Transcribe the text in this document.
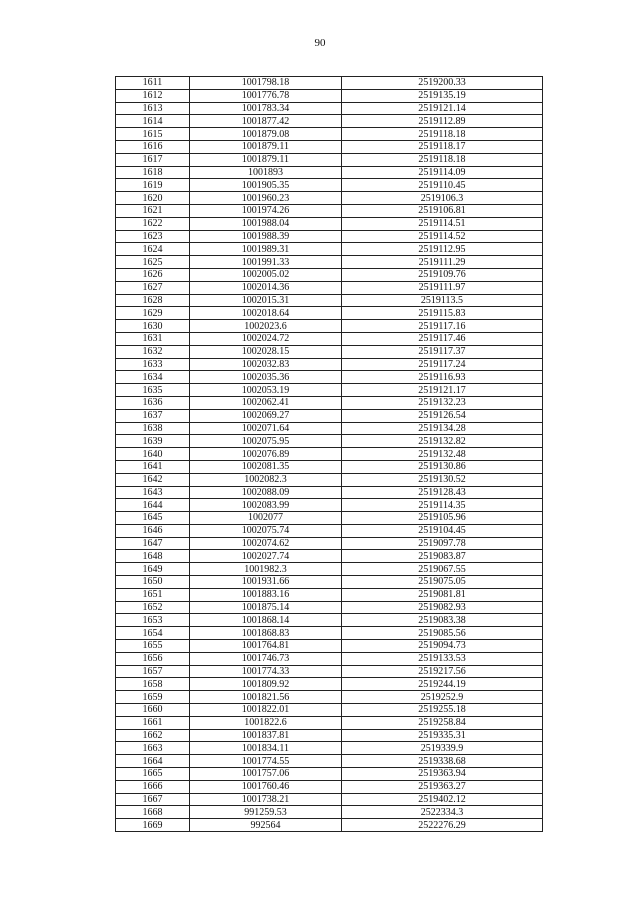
90
1611	1001798.18	2519200.33
1612	1001776.78	2519135.19
1613	1001783.34	2519121.14
1614	1001877.42	2519112.89
1615	1001879.08	2519118.18
1616	1001879.11	2519118.17
1617	1001879.11	2519118.18
1618	1001893	2519114.09
1619	1001905.35	2519110.45
1620	1001960.23	2519106.3
1621	1001974.26	2519106.81
1622	1001988.04	2519114.51
1623	1001988.39	2519114.52
1624	1001989.31	2519112.95
1625	1001991.33	2519111.29
1626	1002005.02	2519109.76
1627	1002014.36	2519111.97
1628	1002015.31	2519113.5
1629	1002018.64	2519115.83
1630	1002023.6	2519117.16
1631	1002024.72	2519117.46
1632	1002028.15	2519117.37
1633	1002032.83	2519117.24
1634	1002035.36	2519116.93
1635	1002053.19	2519121.17
1636	1002062.41	2519132.23
1637	1002069.27	2519126.54
1638	1002071.64	2519134.28
1639	1002075.95	2519132.82
1640	1002076.89	2519132.48
1641	1002081.35	2519130.86
1642	1002082.3	2519130.52
1643	1002088.09	2519128.43
1644	1002083.99	2519114.35
1645	1002077	2519105.96
1646	1002075.74	2519104.45
1647	1002074.62	2519097.78
1648	1002027.74	2519083.87
1649	1001982.3	2519067.55
1650	1001931.66	2519075.05
1651	1001883.16	2519081.81
1652	1001875.14	2519082.93
1653	1001868.14	2519083.38
1654	1001868.83	2519085.56
1655	1001764.81	2519094.73
1656	1001746.73	2519133.53
1657	1001774.33	2519217.56
1658	1001809.92	2519244.19
1659	1001821.56	2519252.9
1660	1001822.01	2519255.18
1661	1001822.6	2519258.84
1662	1001837.81	2519335.31
1663	1001834.11	2519339.9
1664	1001774.55	2519338.68
1665	1001757.06	2519363.94
1666	1001760.46	2519363.27
1667	1001738.21	2519402.12
1668	991259.53	2522334.3
1669	992564	2522276.29
